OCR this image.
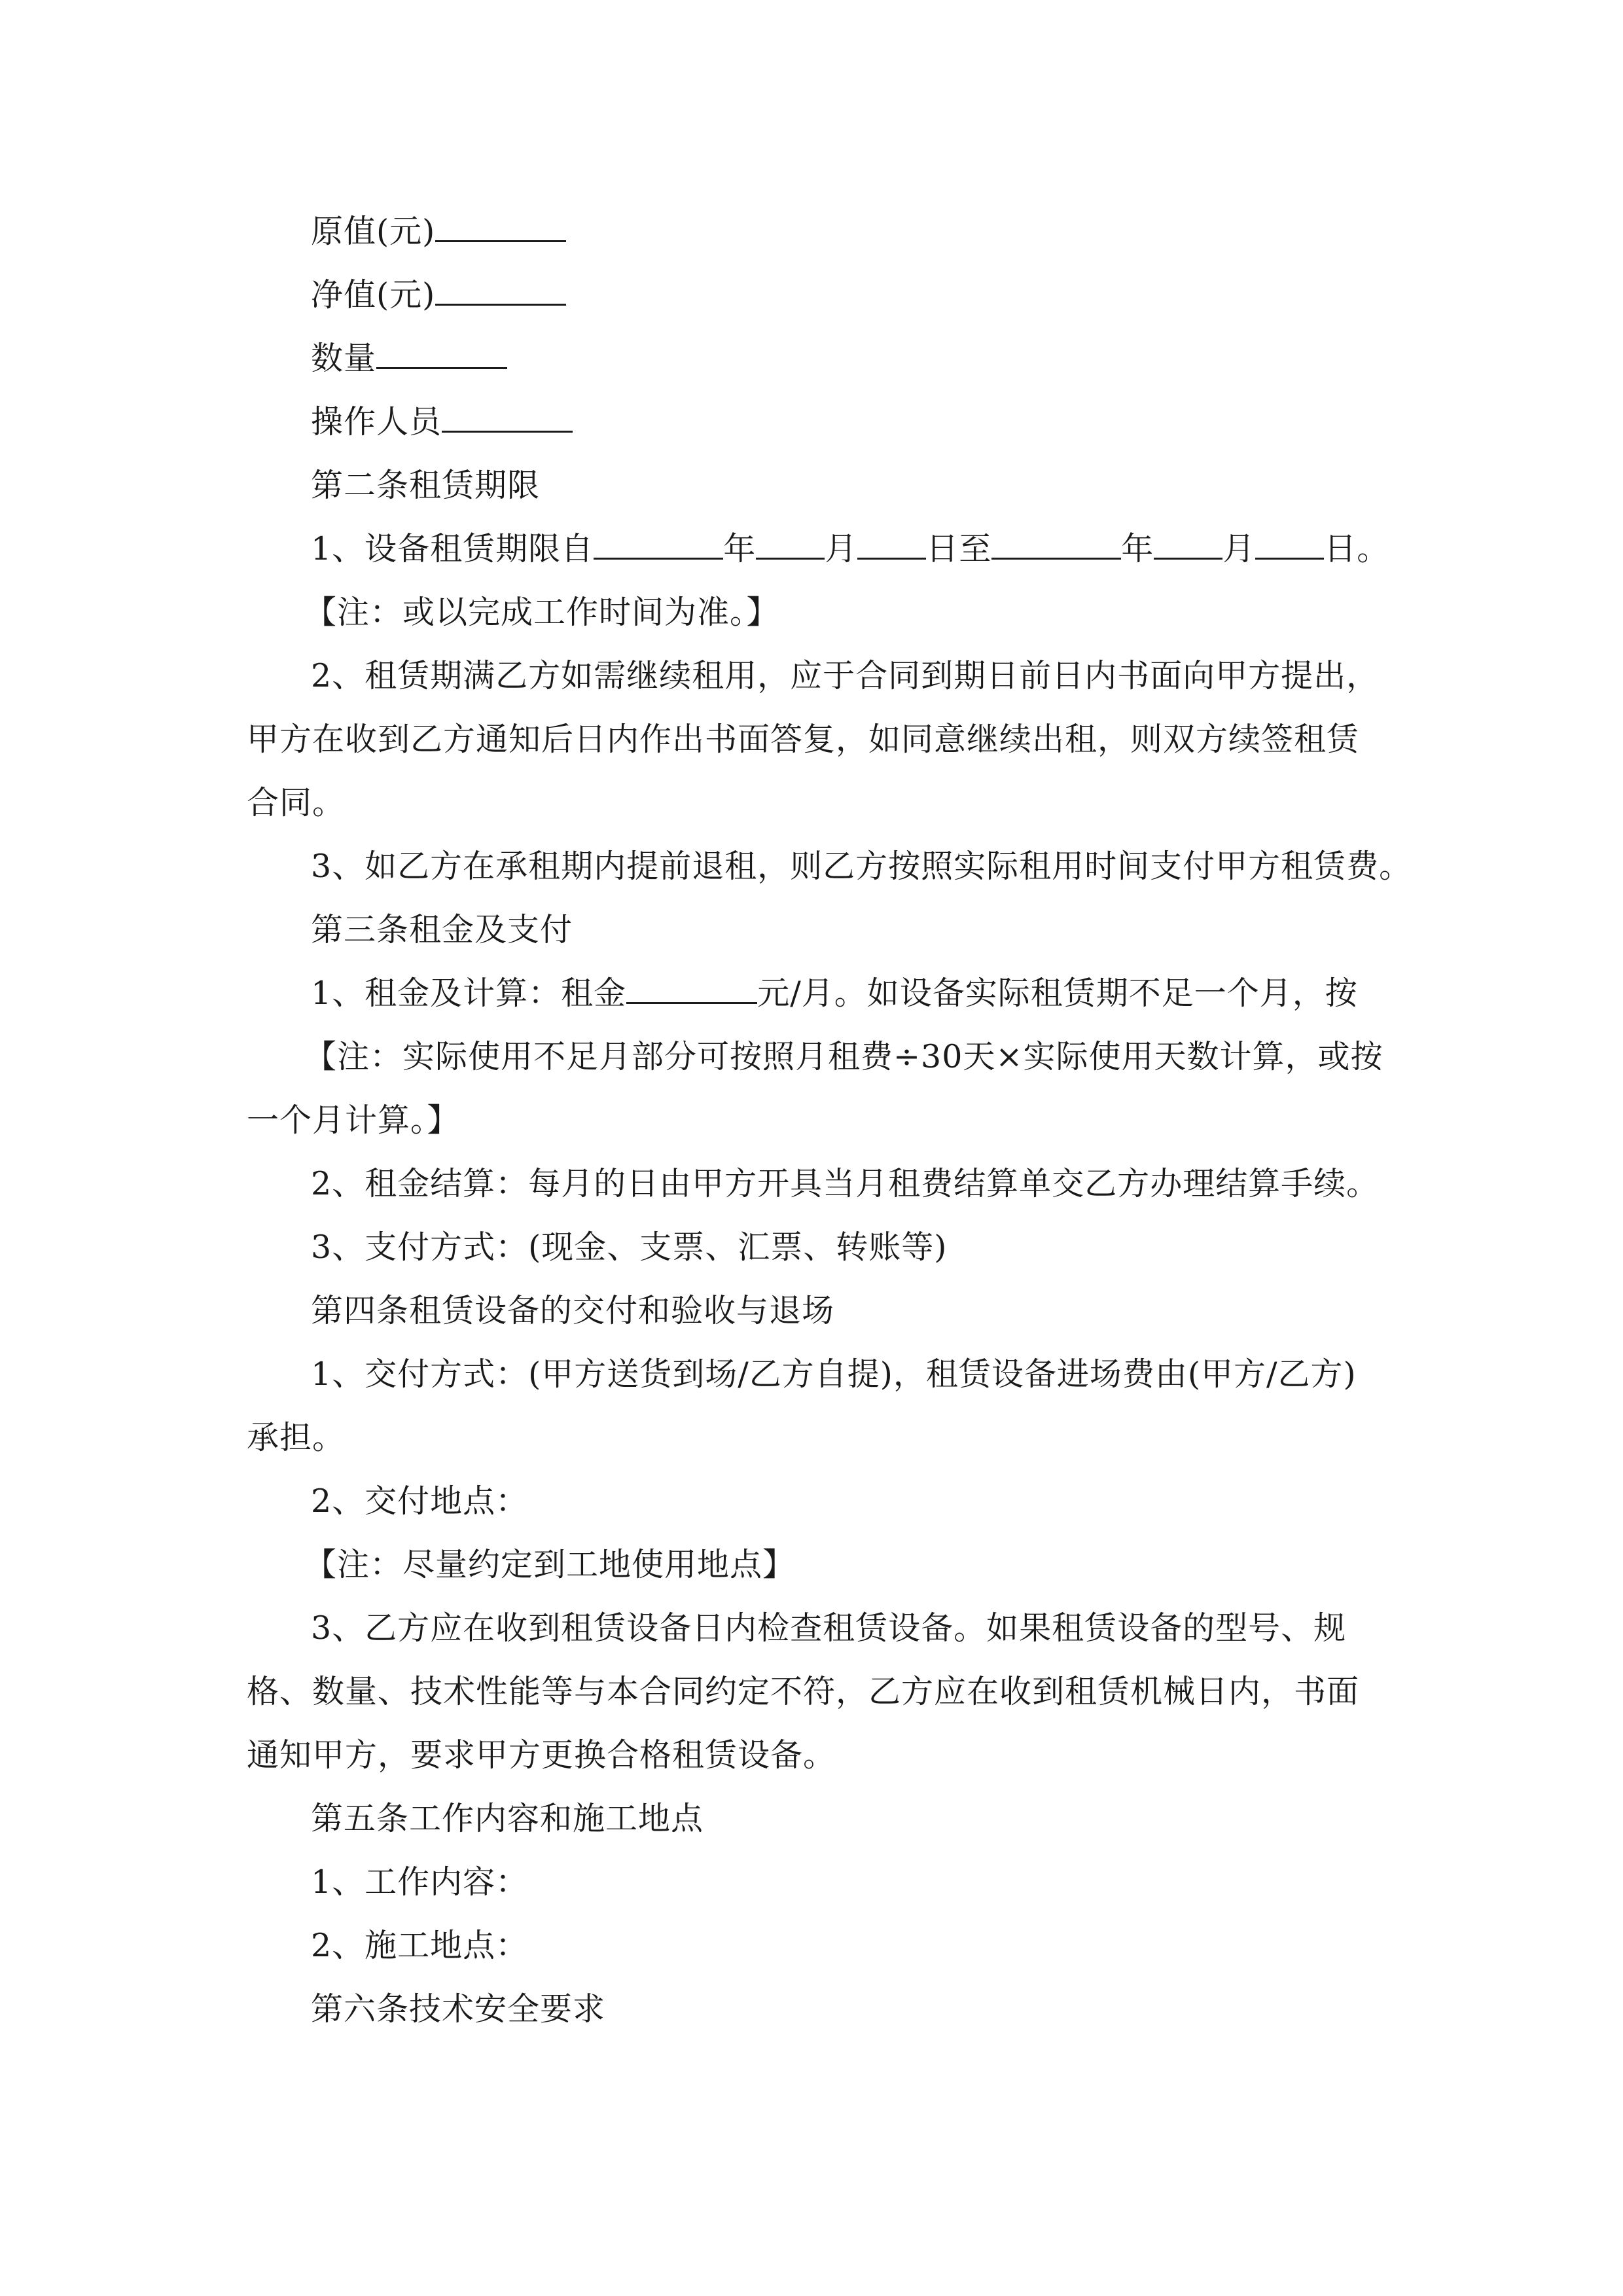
原值(元)
净值(元)
数量
操作人员
第二条租赁期限
1、设备租赁期限自	年 月 日至	年 月 日。
【注：或以完成工作时间为准。】
2、租赁期满乙方如需继续租用，应于合同到期日前日内书面向甲方提出，甲方在收到乙方通知后日内作出书面答复，如同意继续出租，则双方续签租赁合同。
3、如乙方在承租期内提前退租，则乙方按照实际租用时间支付甲方租赁费。
第三条租金及支付
1、租金及计算：租金	元/月。如设备实际租赁期不足一个月，按
【注：实际使用不足月部分可按照月租费÷30天×实际使用天数计算，或按一个月计算。】
2、租金结算：每月的日由甲方开具当月租费结算单交乙方办理结算手续。
3、支付方式：(现金、支票、汇票、转账等)
第四条租赁设备的交付和验收与退场
1、交付方式：(甲方送货到场/乙方自提)，租赁设备进场费由(甲方/乙方)承担。
2、交付地点：
【注：尽量约定到工地使用地点】
3、乙方应在收到租赁设备日内检查租赁设备。如果租赁设备的型号、规格、数量、技术性能等与本合同约定不符，乙方应在收到租赁机械日内，书面通知甲方，要求甲方更换合格租赁设备。
第五条工作内容和施工地点
1、工作内容：
2、施工地点：
第六条技术安全要求
